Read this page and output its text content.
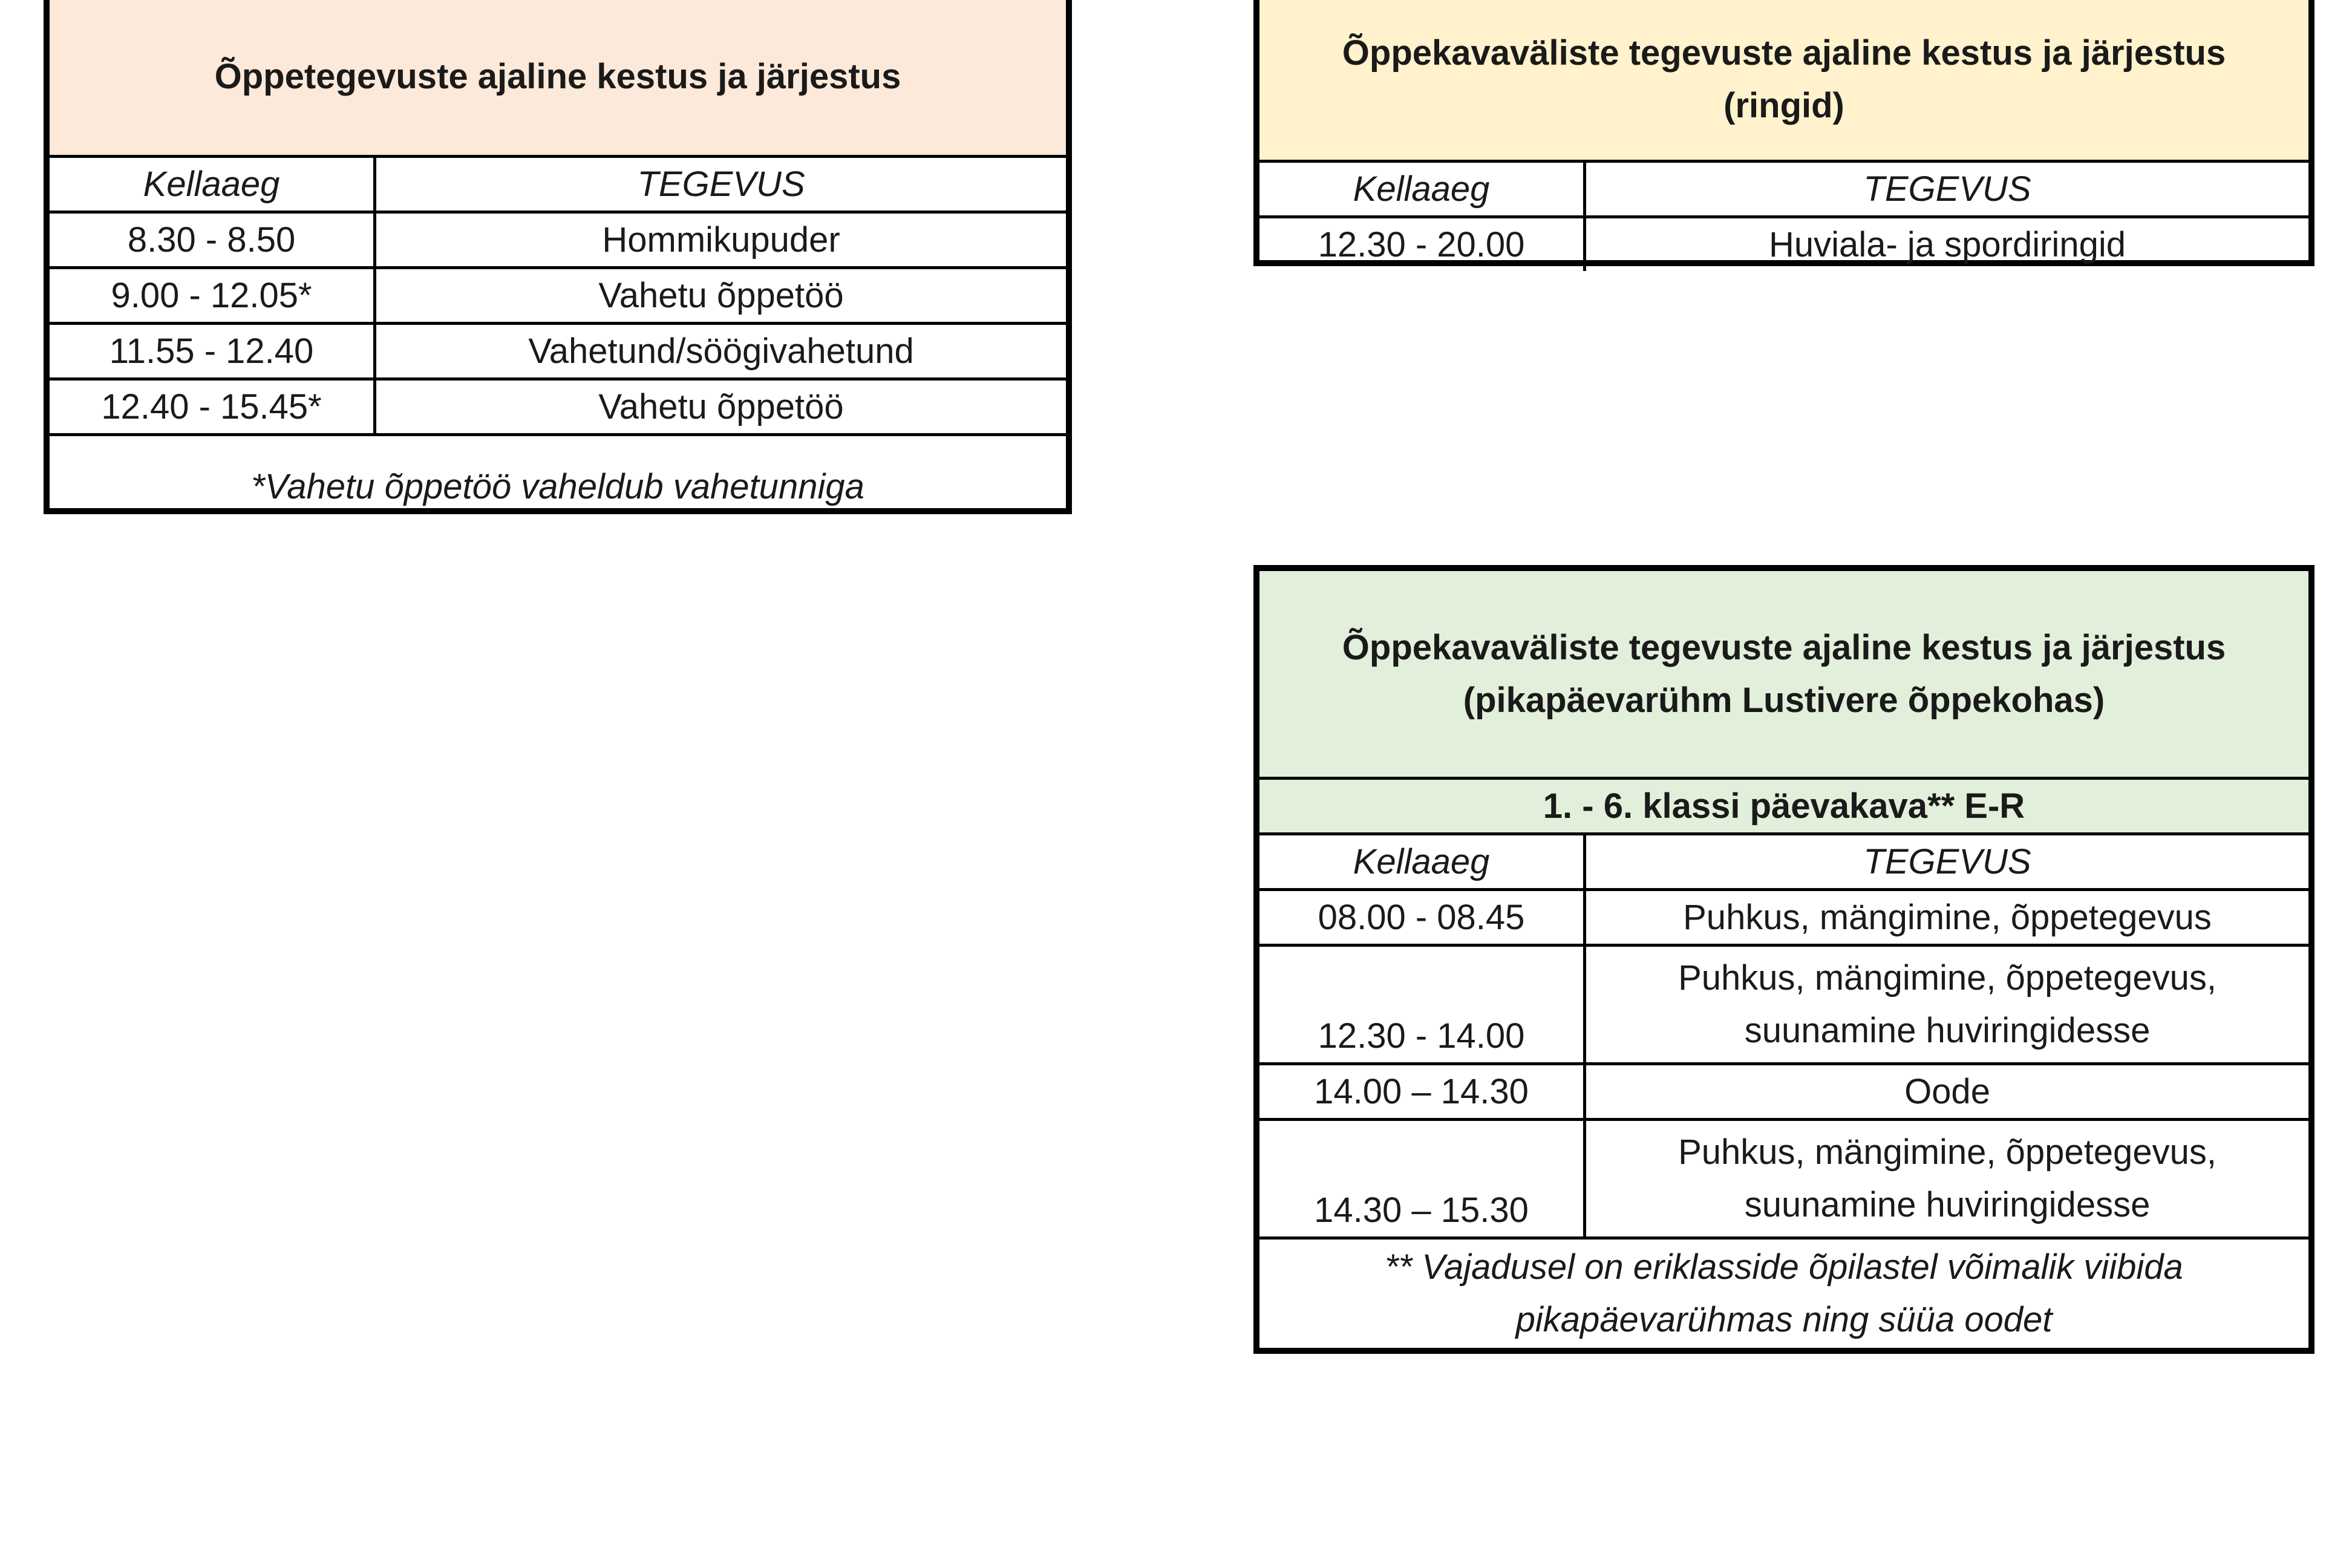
Õppetegevuste ajaline kestus ja järjestus	
Kellaaeg	TEGEVUS
8.30 - 8.50	Hommikupuder
9.00 - 12.05*	Vahetu õppetöö
11.55 - 12.40	Vahetund/söögivahetund
12.40 - 15.45*	Vahetu õppetöö
*Vahetu õppetöö vaheldub vahetunniga	
Õppekavaväliste tegevuste ajaline kestus ja järjestus
(ringid)	

Kellaaeg	TEGEVUS
12.30 - 20.00	Huviala- ja spordiringid
Õppekavaväliste tegevuste ajaline kestus ja järjestus
(pikapäevarühm Lustivere õppekohas)	

1. - 6. klassi päevakava** E-R	
Kellaaeg	TEGEVUS
08.00 - 08.45	Puhkus, mängimine, õppetegevus
12.30 - 14.00	Puhkus, mängimine, õppetegevus,
suunamine huviringidesse

14.00 – 14.30	Oode
14.30 – 15.30	Puhkus, mängimine, õppetegevus,
suunamine huviringidesse

** Vajadusel on eriklasside õpilastel võimalik viibida
pikapäevarühmas ning süüa oodet	
